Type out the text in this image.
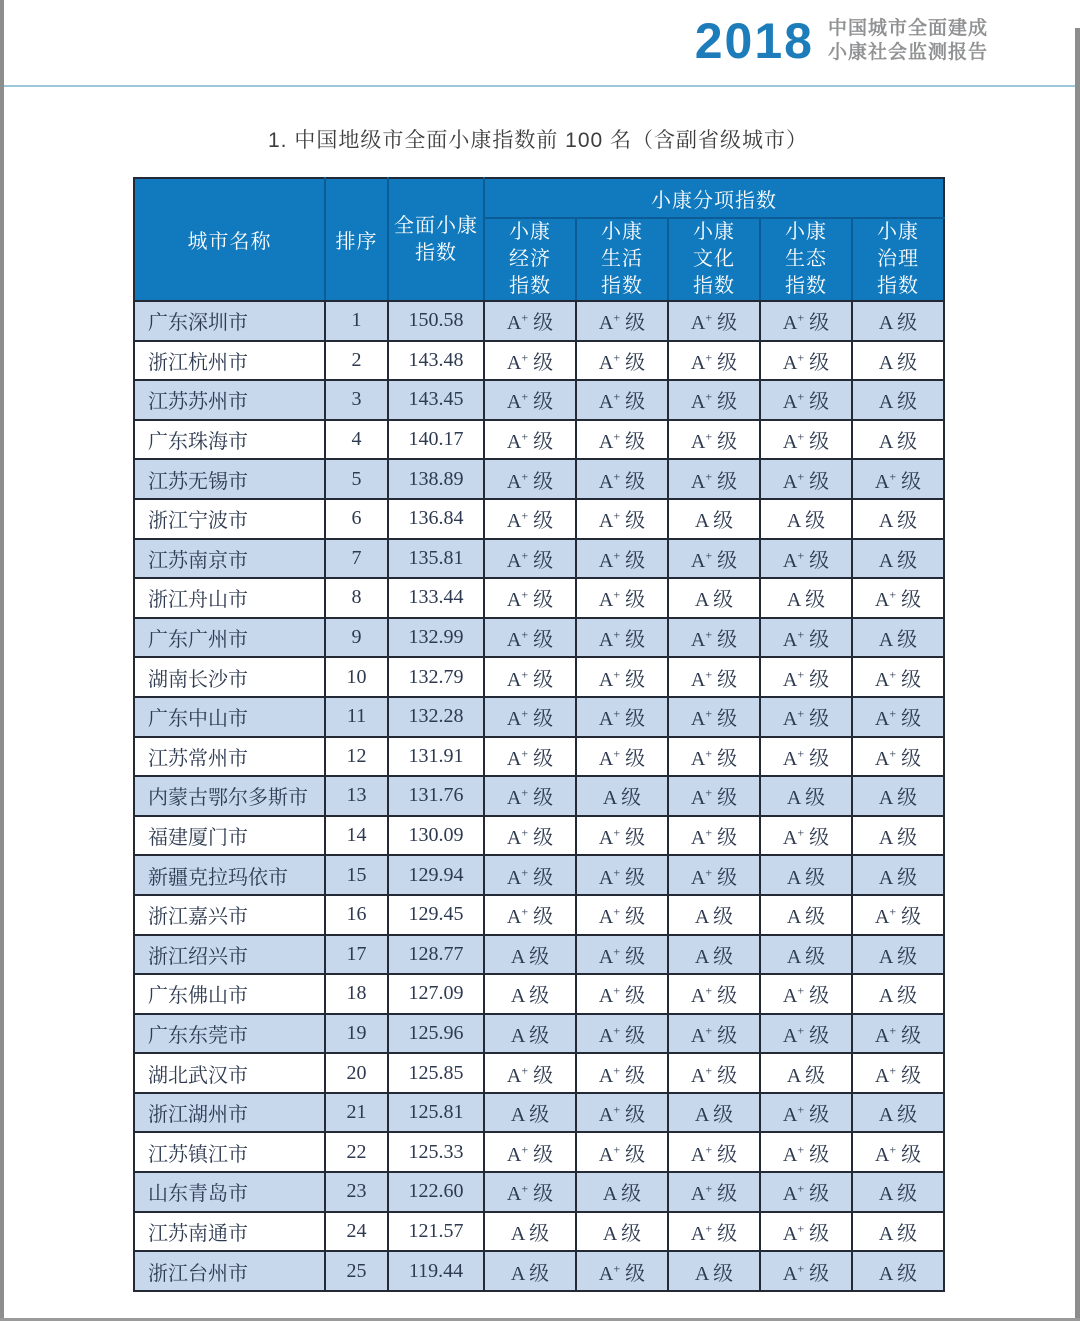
2018 中国城市全面建成
小康社会监测报告
1. 中国地级市全面小康指数前 100 名（含副省级城市）
城市名称	排序	全面小康指数	小康分项指数				
			小康经济指数	小康生活指数	小康文化指数	小康生态指数	小康治理指数
广东深圳市	1	150.58	A+ 级	A+ 级	A+ 级	A+ 级	A 级
浙江杭州市	2	143.48	A+ 级	A+ 级	A+ 级	A+ 级	A 级
江苏苏州市	3	143.45	A+ 级	A+ 级	A+ 级	A+ 级	A 级
广东珠海市	4	140.17	A+ 级	A+ 级	A+ 级	A+ 级	A 级
江苏无锡市	5	138.89	A+ 级	A+ 级	A+ 级	A+ 级	A+ 级
浙江宁波市	6	136.84	A+ 级	A+ 级	A 级	A 级	A 级
江苏南京市	7	135.81	A+ 级	A+ 级	A+ 级	A+ 级	A 级
浙江舟山市	8	133.44	A+ 级	A+ 级	A 级	A 级	A+ 级
广东广州市	9	132.99	A+ 级	A+ 级	A+ 级	A+ 级	A 级
湖南长沙市	10	132.79	A+ 级	A+ 级	A+ 级	A+ 级	A+ 级
广东中山市	11	132.28	A+ 级	A+ 级	A+ 级	A+ 级	A+ 级
江苏常州市	12	131.91	A+ 级	A+ 级	A+ 级	A+ 级	A+ 级
内蒙古鄂尔多斯市	13	131.76	A+ 级	A 级	A+ 级	A 级	A 级
福建厦门市	14	130.09	A+ 级	A+ 级	A+ 级	A+ 级	A 级
新疆克拉玛依市	15	129.94	A+ 级	A+ 级	A+ 级	A 级	A 级
浙江嘉兴市	16	129.45	A+ 级	A+ 级	A 级	A 级	A+ 级
浙江绍兴市	17	128.77	A 级	A+ 级	A 级	A 级	A 级
广东佛山市	18	127.09	A 级	A+ 级	A+ 级	A+ 级	A 级
广东东莞市	19	125.96	A 级	A+ 级	A+ 级	A+ 级	A+ 级
湖北武汉市	20	125.85	A+ 级	A+ 级	A+ 级	A 级	A+ 级
浙江湖州市	21	125.81	A 级	A+ 级	A 级	A+ 级	A 级
江苏镇江市	22	125.33	A+ 级	A+ 级	A+ 级	A+ 级	A+ 级
山东青岛市	23	122.60	A+ 级	A 级	A+ 级	A+ 级	A 级
江苏南通市	24	121.57	A 级	A 级	A+ 级	A+ 级	A 级
浙江台州市	25	119.44	A 级	A+ 级	A 级	A+ 级	A 级
